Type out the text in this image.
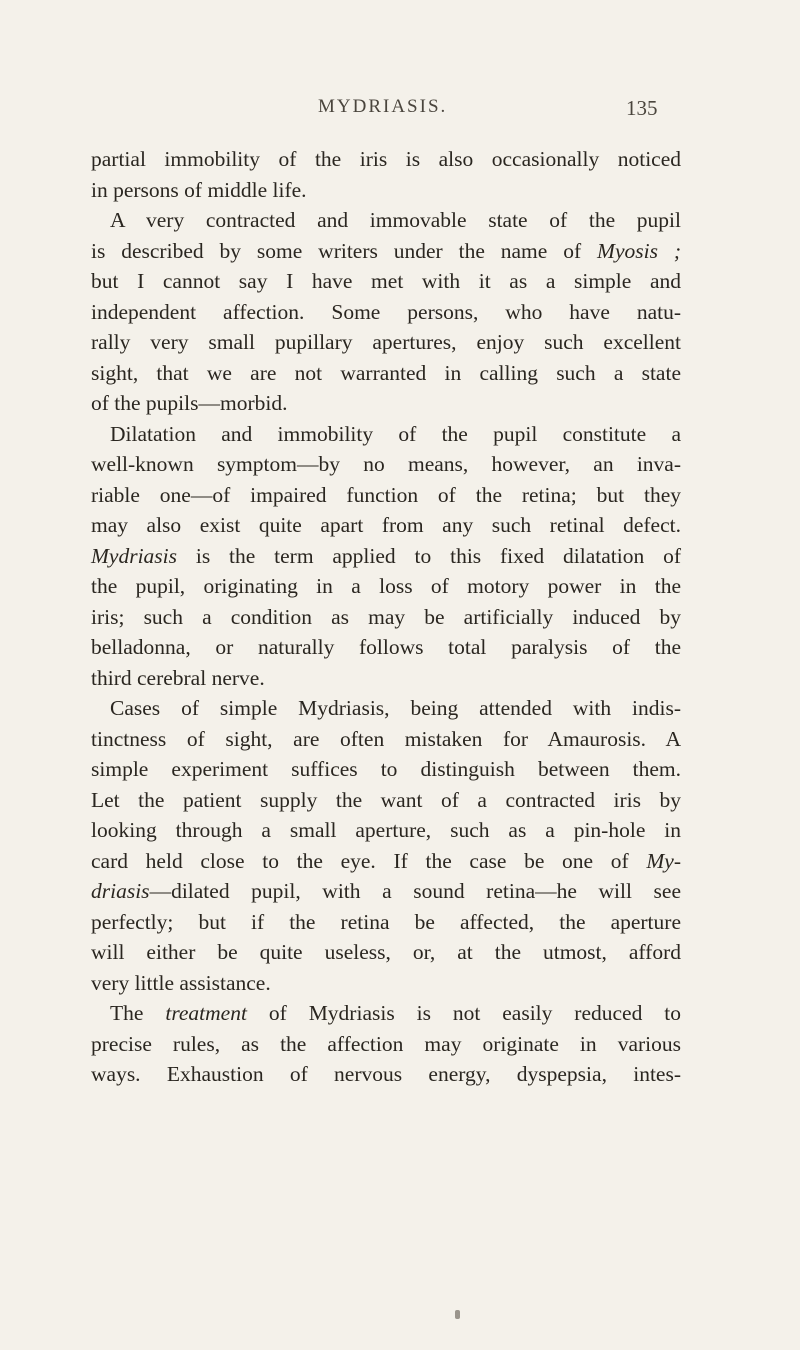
MYDRIASIS.	135
partial immobility of the iris is also occasionally noticed
in persons of middle life.
A very contracted and immovable state of the pupil
is described by some writers under the name of Myosis ;
but I cannot say I have met with it as a simple and
independent affection. Some persons, who have natu-
rally very small pupillary apertures, enjoy such excellent
sight, that we are not warranted in calling such a state
of the pupils—morbid.
Dilatation and immobility of the pupil constitute a
well-known symptom—by no means, however, an inva-
riable one—of impaired function of the retina; but they
may also exist quite apart from any such retinal defect.
Mydriasis is the term applied to this fixed dilatation of
the pupil, originating in a loss of motory power in the
iris; such a condition as may be artificially induced by
belladonna, or naturally follows total paralysis of the
third cerebral nerve.
Cases of simple Mydriasis, being attended with indis-
tinctness of sight, are often mistaken for Amaurosis. A
simple experiment suffices to distinguish between them.
Let the patient supply the want of a contracted iris by
looking through a small aperture, such as a pin-hole in
card held close to the eye. If the case be one of My-
driasis—dilated pupil, with a sound retina—he will see
perfectly; but if the retina be affected, the aperture
will either be quite useless, or, at the utmost, afford
very little assistance.
The treatment of Mydriasis is not easily reduced to
precise rules, as the affection may originate in various
ways. Exhaustion of nervous energy, dyspepsia, intes-
